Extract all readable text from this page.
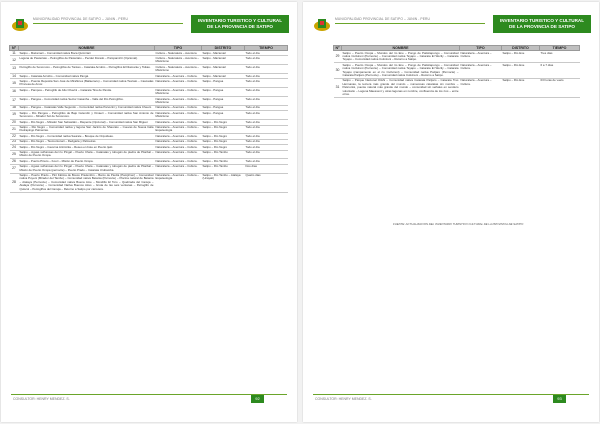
MUNICIPALIDAD PROVINCIAL DE SATIPO – JUNIN - PERU	INVENTARIO TURISTICO Y CULTURAL
DE LA PROVINCIA DE SATIPO
Nº	NOMBRE	TIPO	DISTRITO	TIEMPO
11	Satipo – Mazamari – Comunidad nativa Boca Quimiriari	Cultura – Naturaleza – Aventura	Satipo - Mazamari	Todo el día
12	Laguna de Pasteriato – Petroglifos de Pasteriato – Pecdet Dorado – Pampamiriri (Opcional).	Cultura – Naturaleza – Aventura – Misticismo	Satipo - Mazamari	Todo el día
13	Petroglifo de Sonomoro – Petroglifos de Tonkes – Catarata Arcobio – Petroglifos El Diamante y Tsikas.	Cultura – Naturaleza – Aventura – Misticismo	Satipo - Mazamari	Todo el día
14	Satipo – Catarata Arcobio – Comunidad nativa Pangá.	Naturaleza – Aventura – Cultura.	Satipo - Mazamari	Todo el día
15	Satipo – Puente Reposita San José de Miraflores (Bailaoraco) – Comunidad nativa Tsoriato – Cascadas Princesa de Amor.	Naturaleza – Aventura – Cultura.	Satipo - Pangoa	Todo el día
16	Satipo – Pampoa – Petroglifo de Alto Chavini – Catarata Tina de Panda.	Naturaleza – Aventura – Cultura – Misticismo	Satipo - Pangoa	Todo el día
17	Satipo – Pangoa – Comunidad nativa Sector Casanha – Valle del Río Petroglifos.	Naturaleza – Aventura – Cultura – Misticismo	Satipo - Pangoa	Todo el día
18	Satipo – Pangoa – Cataratas Valle Segundo – Comunidad nativa Parverini y Comunidad nativa Cheeni.	Naturaleza – Aventura – Cultura.	Satipo - Pangoa	Todo el día
19	Satipo – Río Pangoa – Petroglifos de Bajo Celendín y Omaeri – Comunidad nativa San Antonio de Sonomoro – Mirador Sol de Sonomoro.	Naturaleza – Aventura – Cultura – Misticismo	Satipo - Pangoa	Todo el día
20	Satipo – Río Negro – Mirador San Sebastián – Riepente (Opcional) – Comunidad nativa San Miguel.	Naturaleza – Aventura – Cultura.	Satipo – Río Negro	Todo el día
21	Satipo – Río Negro – Comunidad nativa y laguna San Jacinto de Shaurato – Cuevas de Nueva Italia Pedrapingo Palmeiras.	Naturaleza – Aventura – Cultura – Espeleología	Satipo – Río Negro	Todo el día
22	Satipo – Río Negro – Comunidad nativa Saurate – Bosque de Orquídeas.	Naturaleza – Aventura – Cultura.	Satipo – Río Negro	Todo el día
23	Satipo – Río Negro – Tsomontonari – Redgaria y Palmeiras.	Naturaleza – Aventura – Cultura.	Satipo – Río Negro	Todo el día
24	Satipo – Río Negro – Caverna Antimirka – Reseo en bote en Puerto Ijeki.	Naturaleza – Aventura – Cultura.	Satipo – Río Negro	Todo el día
25	Satipo – Aguas sulfurosas del río Pingal – Puerto Chela – Cataratas y tobogán de piedra de Pitarbal – Misión de Puerto Ocopa.	Naturaleza – Aventura – Cultura.	Satipo – Río Tambo	Todo el día
26	Satipo – Puerto Pinuto – Koori – Misión de Puerto Ocopa.	Naturaleza – Aventura – Cultura.	Satipo – Río Tambo	Todo el día
27	Satipo – Aguas sulfurosas del río Pingal – Puerto Chela – Cataratas y tobogán de piedra de Pitarbal – Misión de Puerto Ocopa (pernocte) – Puerto Prado – Catarata Urubamba.	Naturaleza – Aventura – Cultura.	Satipo – Río Tambo	Dos días
28	Satipo – Puerto Prado – Pint Fátima de Bosco Prielembrs – Barco de Piedra (Pamjiriner) – Comunidad nativa Poyeni (Mirador del Tambo) – Comunidad nativa Betania (Pernocte) – Piscina natural de Betania – Atalaya (Pernocte) – Comunidad nativa Buena Ame – Mondillo El Toro – Quebrada del Canuja – Atalaya (Pernocte) – Comunidad Nativa Buenos Aires – Gruta de las seis ventanas – Petroglifo de Quiscol – Petroglifos del Canuja – Retorno a Satipo por carretera.	Naturaleza – Aventura – Cultura – Espeleología	Satipo – Río Tambo – Atalaya (Ucayali)	Quatro días
CONSULTOR: HENRY MENDEZ. S.	92
MUNICIPALIDAD PROVINCIAL DE SATIPO – JUNIN - PERU	INVENTARIO TURISTICO Y CULTURAL
DE LA PROVINCIA DE SATIPO
Nº	NOMBRE	TIPO	DISTRITO	TIEMPO
29	Satipo – Puerto Ocopa – Mundos del río Ene – Pongo de Paitsitapongo – Comunidad nativa Cutivireni (Pernocte) – Comunidad nativa Teyapo – Catarata El Wertly – Catarata Teyapo – Comunidad nativa Cutivireni – Retorno a Satipo.	Naturaleza – Aventura – Cultura.	Satipo – Río Ene	Tres días
30	Satipo – Puerto Ocopa – Mundos del río Ene – Pongo de Paitsitapongo – Comunidad nativa Cutivireni (Pernocte) – Comunidad nativa Teyapo – Catarata El Wertly – Catarata Teyapo (campamento en el río Cutivireni) – Comunidad nativa Parijaro (Pernocte) – Catarata Parijaro (Pernocte) – Comunidad nativa Cutivireni – Retorno a Satipo.	Naturaleza – Aventura – Cultura.	Satipo – Río Ene	6 a 7 días
31	Satipo – Parque Nacional Otishi – Comunidad nativa Catarata Parijaro – Catarata Tres Hermanas, la tercera más grande del mundo – numerosas cataratas sin nombre – Paisrontsi, puente natural más grande del mundo – comunidad sin señales en sendero voluntario – Laguna Maesvent y otras lagunas en nombre, confluencia de los ríos – entre otros.	Naturaleza – Aventura – Cultura.	Satipo – Río Ene	03 horas de vuelo
FUENTE: ACTUALIZACION DEL INVENTARIO TURISTICO CULTURAL DE LA PROVINCIA DE SATIPO
CONSULTOR: HENRY MENDEZ. S.	93
